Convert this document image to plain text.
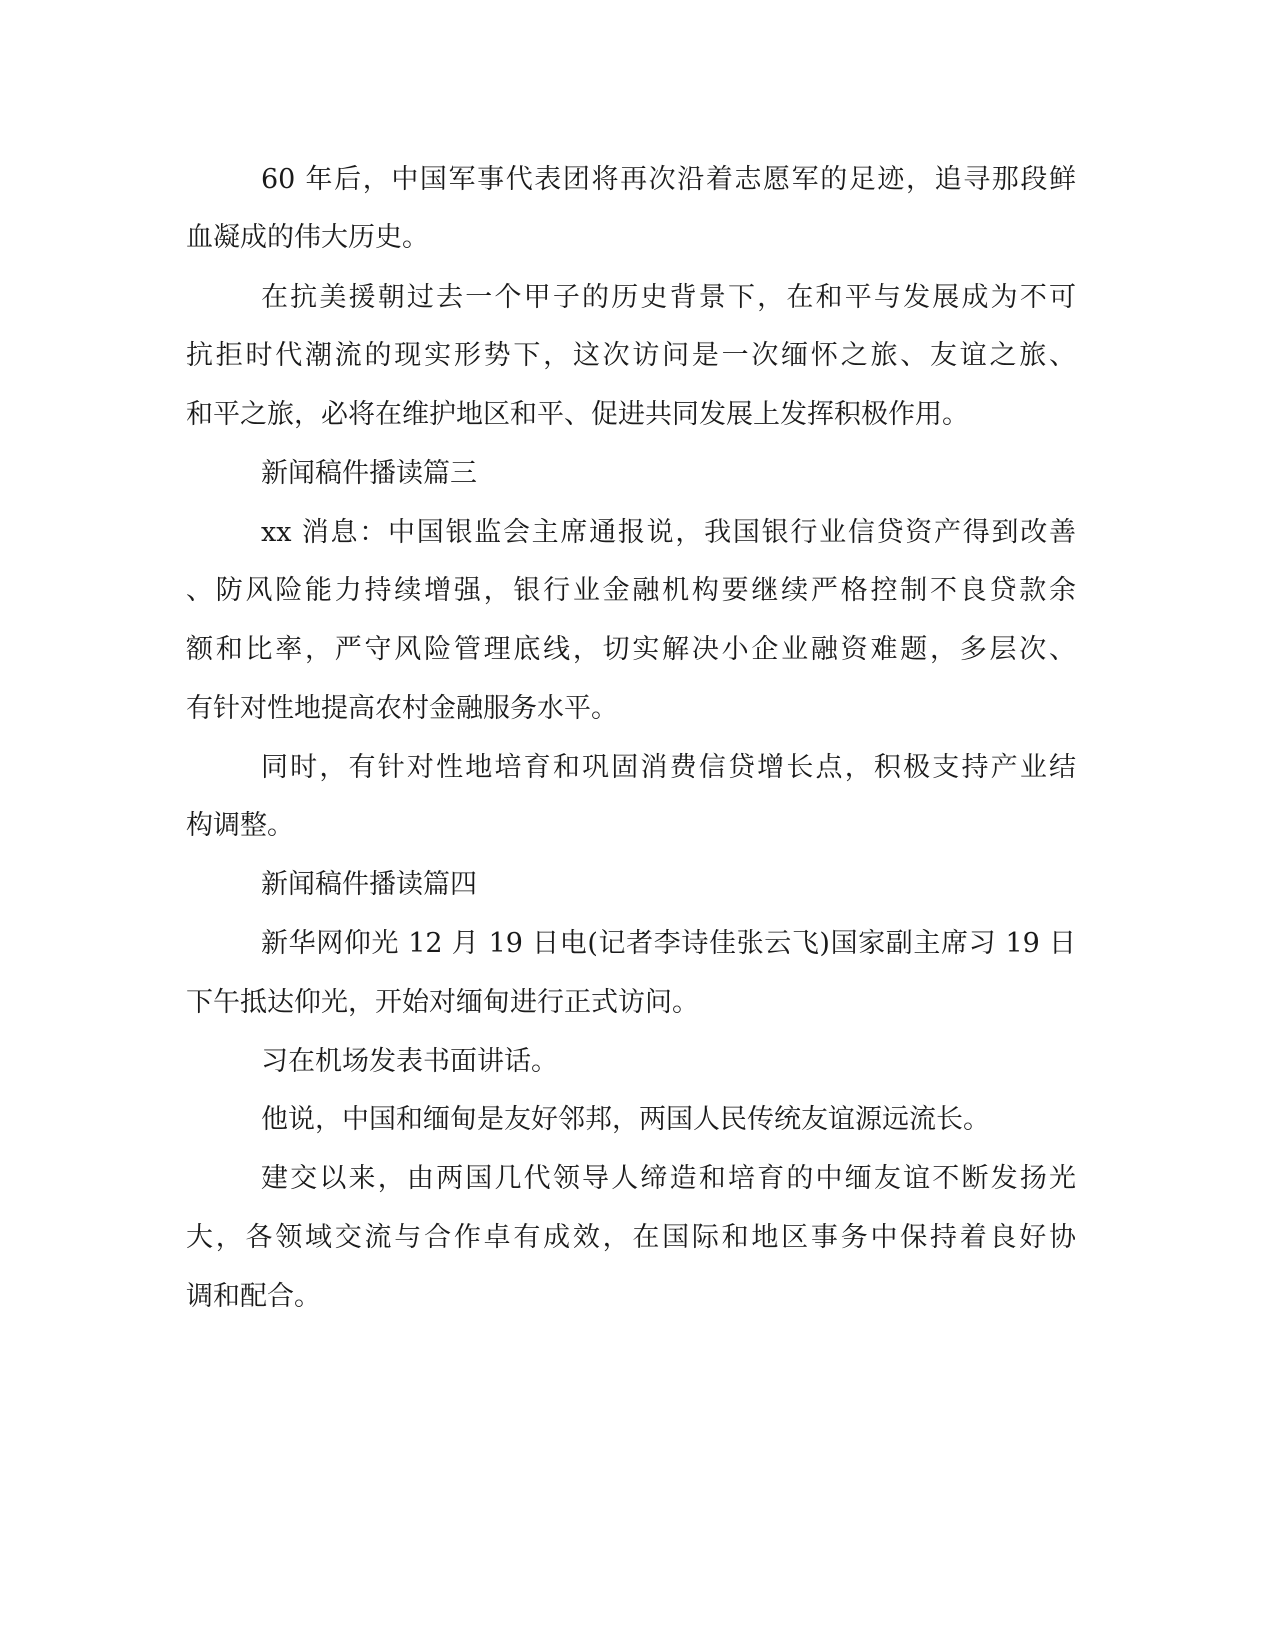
60 年后，中国军事代表团将再次沿着志愿军的足迹，追寻那段鲜
血凝成的伟大历史。
在抗美援朝过去一个甲子的历史背景下，在和平与发展成为不可
抗拒时代潮流的现实形势下，这次访问是一次缅怀之旅、友谊之旅、
和平之旅，必将在维护地区和平、促进共同发展上发挥积极作用。
新闻稿件播读篇三
xx 消息：中国银监会主席通报说，我国银行业信贷资产得到改善
、防风险能力持续增强，银行业金融机构要继续严格控制不良贷款余
额和比率，严守风险管理底线，切实解决小企业融资难题，多层次、
有针对性地提高农村金融服务水平。
同时，有针对性地培育和巩固消费信贷增长点，积极支持产业结
构调整。
新闻稿件播读篇四
新华网仰光 12 月 19 日电(记者李诗佳张云飞)国家副主席习 19 日
下午抵达仰光，开始对缅甸进行正式访问。
习在机场发表书面讲话。
他说，中国和缅甸是友好邻邦，两国人民传统友谊源远流长。
建交以来，由两国几代领导人缔造和培育的中缅友谊不断发扬光
大，各领域交流与合作卓有成效，在国际和地区事务中保持着良好协
调和配合。
